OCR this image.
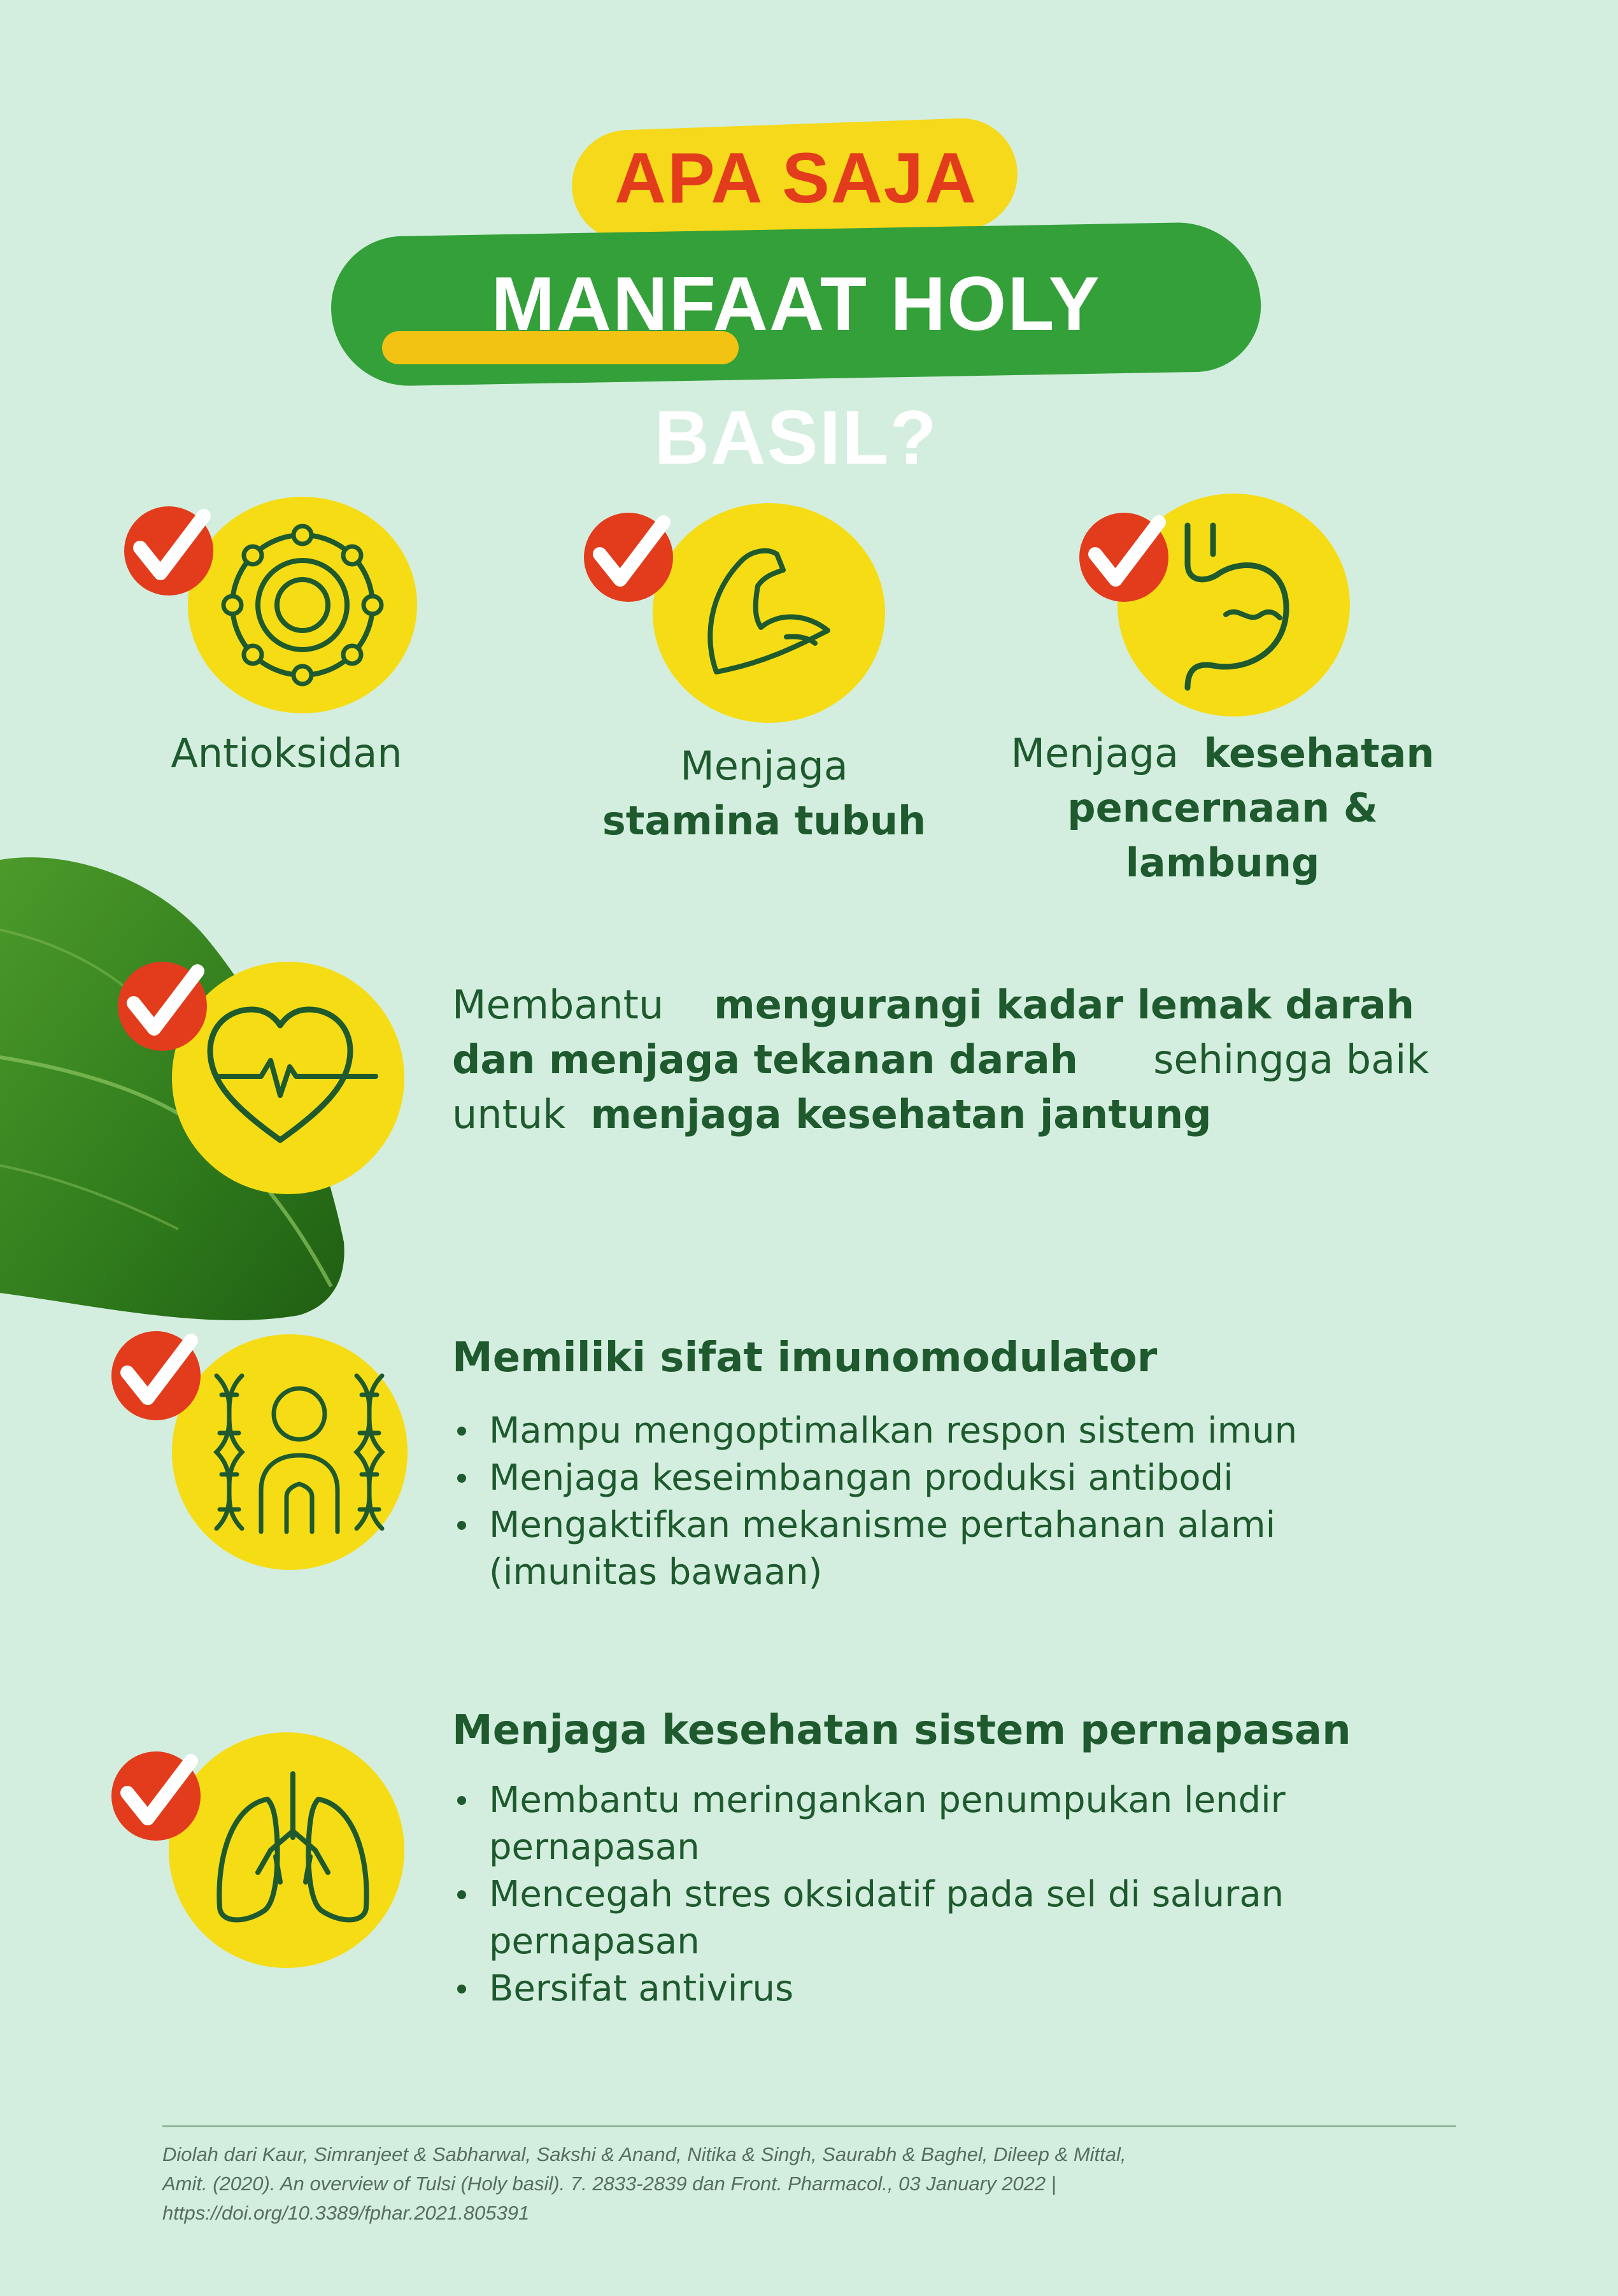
APA SAJA
MANFAAT HOLY BASIL?
Antioksidan	Menjaga
stamina tubuh
Menjaga kesehatan
pencernaan &
lambung
Membantu mengurangi kadar lemak darah
dan menjaga tekanan darah sehingga baik
untuk menjaga kesehatan jantung
Memiliki sifat imunomodulator
Mampu mengoptimalkan respon sistem imun
Menjaga keseimbangan produksi antibodi
Mengaktifkan mekanisme pertahanan alami (imunitas bawaan)
Menjaga kesehatan sistem pernapasan
Membantu meringankan penumpukan lendir pernapasan
Mencegah stres oksidatif pada sel di saluran pernapasan
Bersifat antivirus
Diolah dari Kaur, Simranjeet & Sabharwal, Sakshi & Anand, Nitika & Singh, Saurabh & Baghel, Dileep & Mittal,
Amit. (2020). An overview of Tulsi (Holy basil). 7. 2833-2839 dan Front. Pharmacol., 03 January 2022 |
https://doi.org/10.3389/fphar.2021.805391
